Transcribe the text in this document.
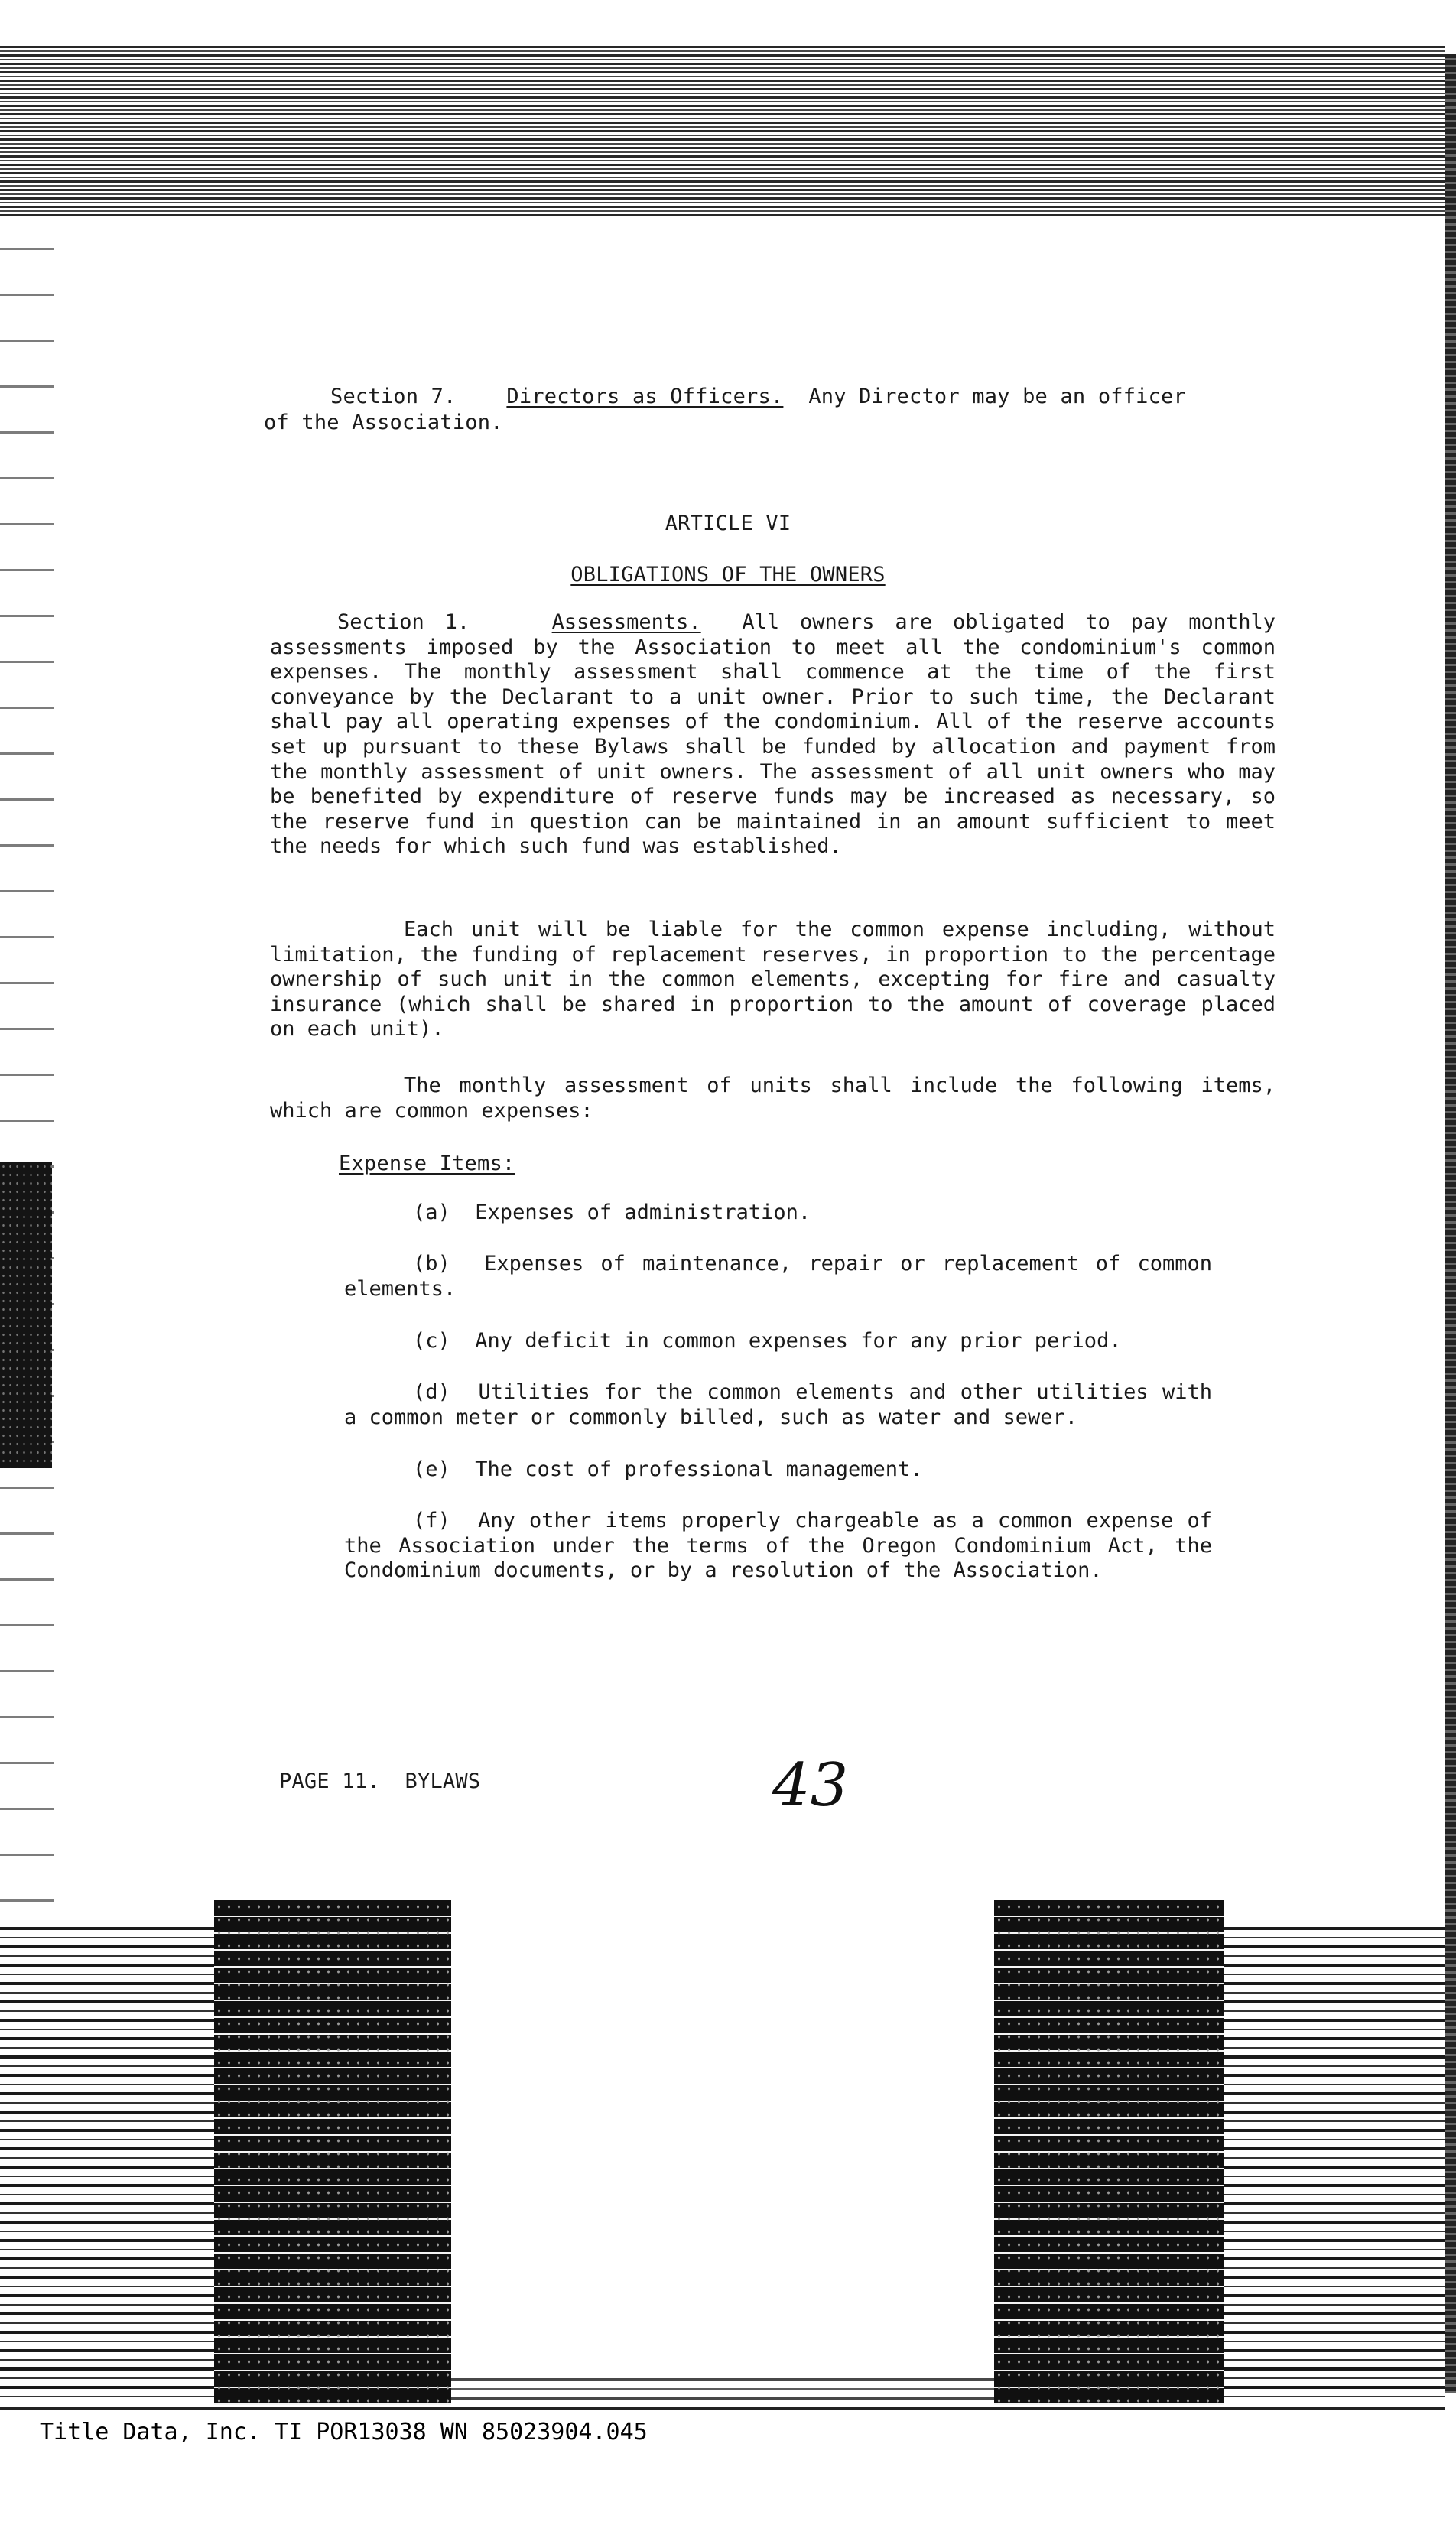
Section 7. Directors as Officers. Any Director may be an officer
of the Association.
ARTICLE VI
OBLIGATIONS OF THE OWNERS
Section 1.	Assessments. All owners are obligated to pay monthly assessments imposed by the Association to meet all the condominium's common expenses. The monthly assessment shall commence at the time of the first conveyance by the Declarant to a unit owner. Prior to such time, the Declarant shall pay all operating expenses of the condominium. All of the reserve accounts set up pursuant to these Bylaws shall be funded by allocation and payment from the monthly assessment of unit owners. The assessment of all unit owners who may be benefited by expenditure of reserve funds may be increased as necessary, so the reserve fund in question can be maintained in an amount sufficient to meet the needs for which such fund was established.
Each unit will be liable for the common expense including, without limitation, the funding of replacement reserves, in proportion to the percentage ownership of such unit in the common elements, excepting for fire and casualty insurance (which shall be shared in proportion to the amount of coverage placed on each unit).
The monthly assessment of units shall include the following items, which are common expenses:
Expense Items:
(a) Expenses of administration.
(b) Expenses of maintenance, repair or replacement of common elements.
(c) Any deficit in common expenses for any prior period.
(d) Utilities for the common elements and other utilities with a common meter or commonly billed, such as water and sewer.
(e) The cost of professional management.
(f) Any other items properly chargeable as a common expense of the Association under the terms of the Oregon Condominium Act, the Condominium documents, or by a resolution of the Association.
PAGE 11.  BYLAWS	43
Title Data, Inc. TI POR13038 WN 85023904.045
